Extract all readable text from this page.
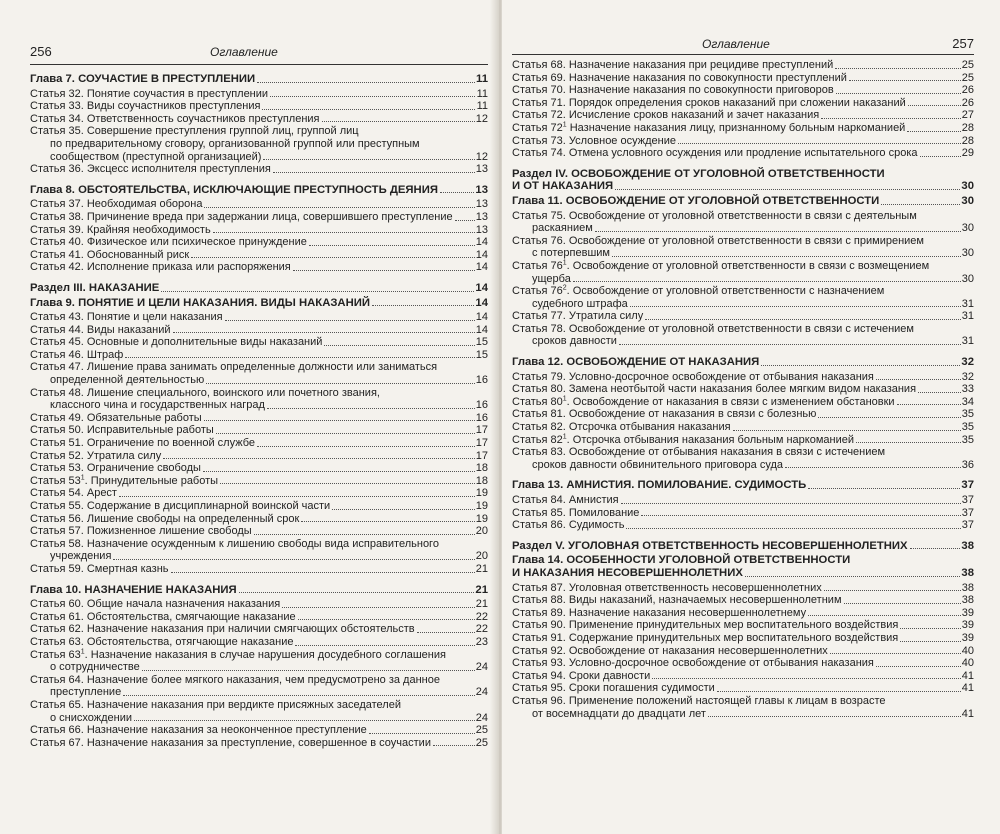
256	Оглавление
Глава 7. СОУЧАСТИЕ В ПРЕСТУПЛЕНИИ	11
Статья 32. Понятие соучастия в преступлении	11
Статья 33. Виды соучастников преступления	11
Статья 34. Ответственность соучастников преступления	12
Статья 35. Совершение преступления группой лиц, группой лиц
по предварительному сговору, организованной группой или преступным
сообществом (преступной организацией)	12
Статья 36. Эксцесс исполнителя преступления	13
Глава 8. ОБСТОЯТЕЛЬСТВА, ИСКЛЮЧАЮЩИЕ ПРЕСТУПНОСТЬ ДЕЯНИЯ	13
Статья 37. Необходимая оборона	13
Статья 38. Причинение вреда при задержании лица, совершившего преступление 13
Статья 39. Крайняя необходимость	13
Статья 40. Физическое или психическое принуждение	14
Статья 41. Обоснованный риск	14
Статья 42. Исполнение приказа или распоряжения	14
Раздел III. НАКАЗАНИЕ	14
Глава 9. ПОНЯТИЕ И ЦЕЛИ НАКАЗАНИЯ. ВИДЫ НАКАЗАНИЙ	14
Статья 43. Понятие и цели наказания	14
Статья 44. Виды наказаний	14
Статья 45. Основные и дополнительные виды наказаний	15
Статья 46. Штраф	15
Статья 47. Лишение права занимать определенные должности или заниматься
определенной деятельностью	16
Статья 48. Лишение специального, воинского или почетного звания,
классного чина и государственных наград	16
Статья 49. Обязательные работы	16
Статья 50. Исправительные работы	17
Статья 51. Ограничение по военной службе	17
Статья 52. Утратила силу	17
Статья 53. Ограничение свободы	18
Статья $53^1$. Принудительные работы	18
Статья 54. Арест	19
Статья 55. Содержание в дисциплинарной воинской части	19
Статья 56. Лишение свободы на определенный срок	19
Статья 57. Пожизненное лишение свободы	20
Статья 58. Назначение осужденным к лишению свободы вида исправительного
учреждения	20
Статья 59. Смертная казнь	21
Глава 10. НАЗНАЧЕНИЕ НАКАЗАНИЯ	21
Статья 60. Общие начала назначения наказания	21
Статья 61. Обстоятельства, смягчающие наказание	22
Статья 62. Назначение наказания при наличии смягчающих обстоятельств	22
Статья 63. Обстоятельства, отягчающие наказание	23
Статья $63^1$. Назначение наказания в случае нарушения досудебного соглашения
о сотрудничестве	24
Статья 64. Назначение более мягкого наказания, чем предусмотрено за данное
преступление	24
Статья 65. Назначение наказания при вердикте присяжных заседателей
о снисхождении	24
Статья 66. Назначение наказания за неоконченное преступление	25
Статья 67. Назначение наказания за преступление, совершенное в соучастии	25
Оглавление	257
Статья 68. Назначение наказания при рецидиве преступлений	25
Статья 69. Назначение наказания по совокупности преступлений	25
Статья 70. Назначение наказания по совокупности приговоров	26
Статья 71. Порядок определения сроков наказаний при сложении наказаний	26
Статья 72. Исчисление сроков наказаний и зачет наказания	27
Статья $72^1$ Назначение наказания лицу, признанному больным наркоманией	28
Статья 73. Условное осуждение	28
Статья 74. Отмена условного осуждения или продление испытательного срока	29
Раздел IV. ОСВОБОЖДЕНИЕ ОТ УГОЛОВНОЙ ОТВЕТСТВЕННОСТИ
И ОТ НАКАЗАНИЯ	30
Глава 11. ОСВОБОЖДЕНИЕ ОТ УГОЛОВНОЙ ОТВЕТСТВЕННОСТИ	30
Статья 75. Освобождение от уголовной ответственности в связи с деятельным
раскаянием	30
Статья 76. Освобождение от уголовной ответственности в связи с примирением
с потерпевшим	30
Статья $76^1$. Освобождение от уголовной ответственности в связи с возмещением
ущерба	30
Статья $76^2$. Освобождение от уголовной ответственности с назначением
судебного штрафа	31
Статья 77. Утратила силу	31
Статья 78. Освобождение от уголовной ответственности в связи с истечением
сроков давности	31
Глава 12. ОСВОБОЖДЕНИЕ ОТ НАКАЗАНИЯ	32
Статья 79. Условно-досрочное освобождение от отбывания наказания	32
Статья 80. Замена неотбытой части наказания более мягким видом наказания	33
Статья $80^1$. Освобождение от наказания в связи с изменением обстановки	34
Статья 81. Освобождение от наказания в связи с болезнью	35
Статья 82. Отсрочка отбывания наказания	35
Статья $82^1$. Отсрочка отбывания наказания больным наркоманией	35
Статья 83. Освобождение от отбывания наказания в связи с истечением
сроков давности обвинительного приговора суда	36
Глава 13. АМНИСТИЯ. ПОМИЛОВАНИЕ. СУДИМОСТЬ	37
Статья 84. Амнистия	37
Статья 85. Помилование	37
Статья 86. Судимость	37
Раздел V. УГОЛОВНАЯ ОТВЕТСТВЕННОСТЬ НЕСОВЕРШЕННОЛЕТНИХ	38
Глава 14. ОСОБЕННОСТИ УГОЛОВНОЙ ОТВЕТСТВЕННОСТИ
И НАКАЗАНИЯ НЕСОВЕРШЕННОЛЕТНИХ	38
Статья 87. Уголовная ответственность несовершеннолетних	38
Статья 88. Виды наказаний, назначаемых несовершеннолетним	38
Статья 89. Назначение наказания несовершеннолетнему	39
Статья 90. Применение принудительных мер воспитательного воздействия	39
Статья 91. Содержание принудительных мер воспитательного воздействия	39
Статья 92. Освобождение от наказания несовершеннолетних	40
Статья 93. Условно-досрочное освобождение от отбывания наказания	40
Статья 94. Сроки давности	41
Статья 95. Сроки погашения судимости	41
Статья 96. Применение положений настоящей главы к лицам в возрасте
от восемнадцати до двадцати лет	41
